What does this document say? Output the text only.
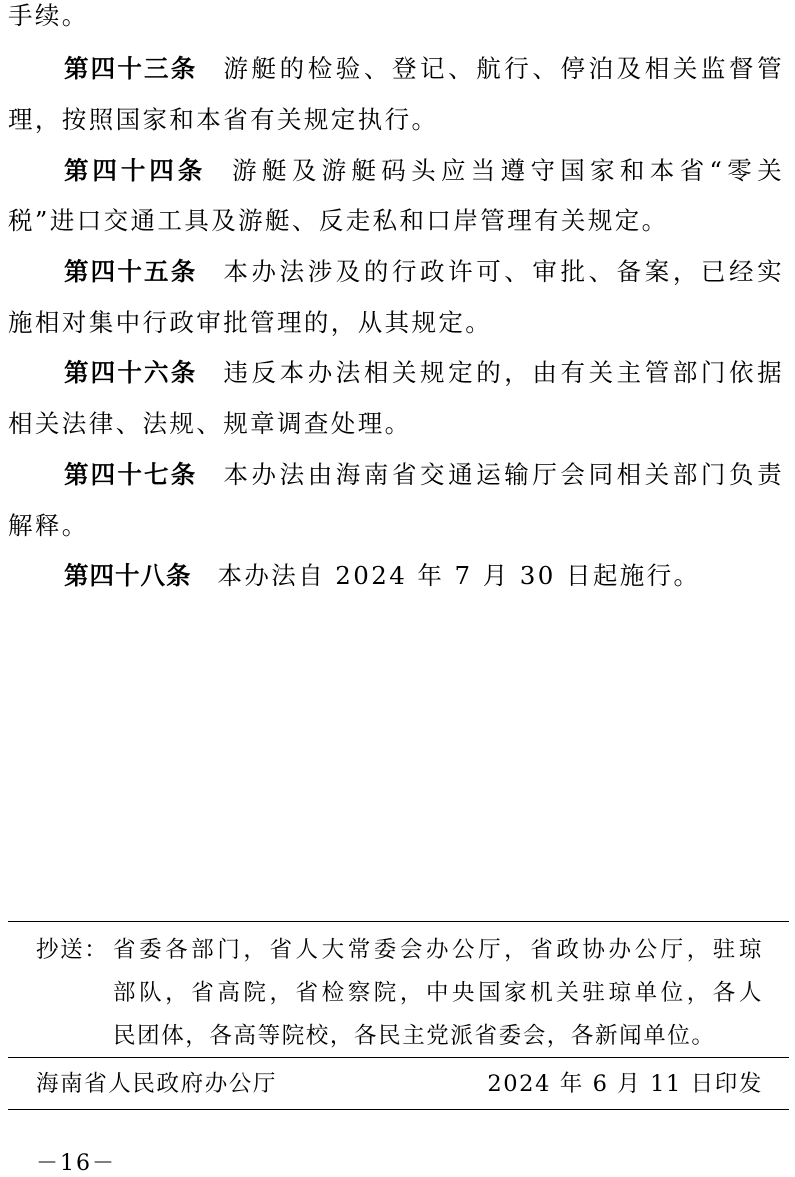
手续。
第四十三条 游艇的检验、登记、航行、停泊及相关监督管
理，按照国家和本省有关规定执行。
第四十四条 游艇及游艇码头应当遵守国家和本省“零关
税”进口交通工具及游艇、反走私和口岸管理有关规定。
第四十五条 本办法涉及的行政许可、审批、备案，已经实
施相对集中行政审批管理的，从其规定。
第四十六条 违反本办法相关规定的，由有关主管部门依据
相关法律、法规、规章调查处理。
第四十七条 本办法由海南省交通运输厅会同相关部门负责
解释。
第四十八条 本办法自 2024 年 7 月 30 日起施行。
抄送： 省委各部门，省人大常委会办公厅，省政协办公厅，驻琼
部队，省高院，省检察院，中央国家机关驻琼单位，各人
民团体，各高等院校，各民主党派省委会，各新闻单位。
海南省人民政府办公厅	2024 年 6 月 11 日印发
－16－
